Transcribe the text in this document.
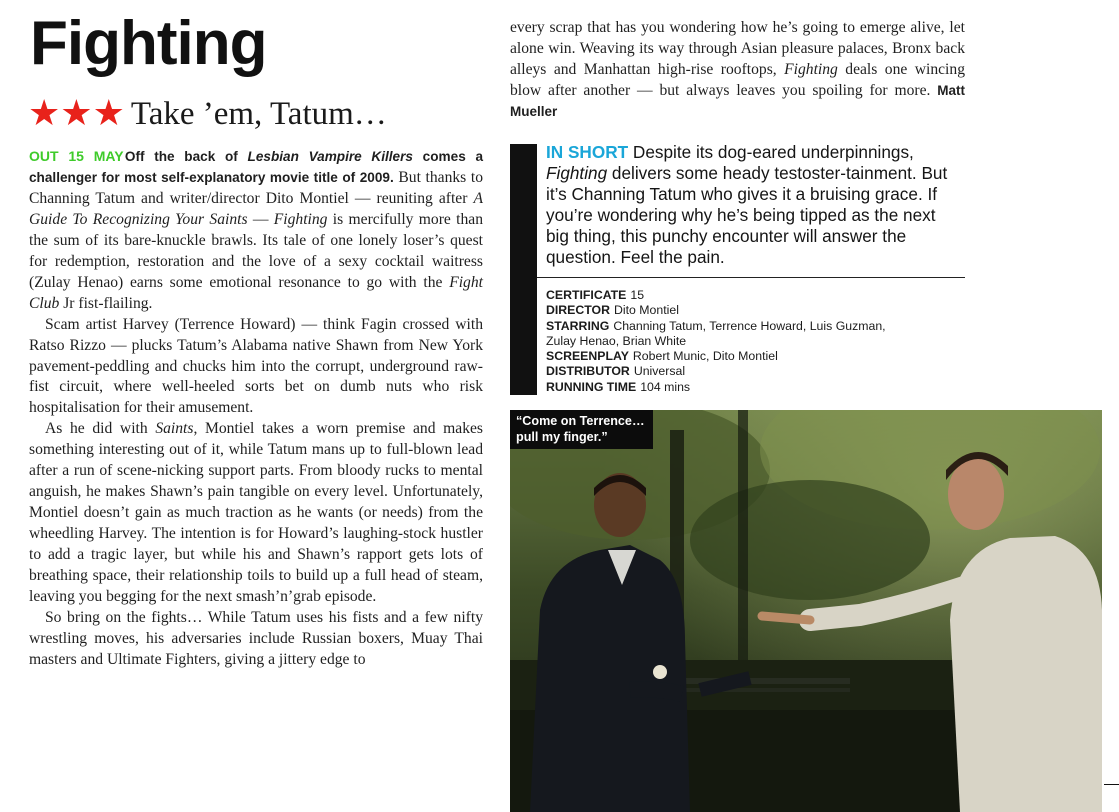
Fighting
★ ★ ★ Take ’em, Tatum…

OUT 15 MAY Off the back of Lesbian Vampire Killers comes a challenger for most self-explanatory movie title of 2009. But thanks to Channing Tatum and writer/director Dito Montiel — reuniting after A Guide To Recognizing Your Saints — Fighting is mercifully more than the sum of its bare-knuckle brawls. Its tale of one lonely loser’s quest for redemption, restoration and the love of a sexy cocktail waitress (Zulay Henao) earns some emotional resonance to go with the Fight Club Jr fist-flailing.

Scam artist Harvey (Terrence Howard) — think Fagin crossed with Ratso Rizzo — plucks Tatum’s Alabama native Shawn from New York pavement-peddling and chucks him into the corrupt, underground raw-fist circuit, where well-heeled sorts bet on dumb nuts who risk hospitalisation for their amusement.

As he did with Saints, Montiel takes a worn premise and makes something interesting out of it, while Tatum mans up to full-blown lead after a run of scene-nicking support parts. From bloody rucks to mental anguish, he makes Shawn’s pain tangible on every level. Unfortunately, Montiel doesn’t gain as much traction as he wants (or needs) from the wheedling Harvey. The intention is for Howard’s laughing-stock hustler to add a tragic layer, but while his and Shawn’s rapport gets lots of breathing space, their relationship toils to build up a full head of steam, leaving you begging for the next smash’n’grab episode.

So bring on the fights… While Tatum uses his fists and a few nifty wrestling moves, his adversaries include Russian boxers, Muay Thai masters and Ultimate Fighters, giving a jittery edge to

every scrap that has you wondering how he’s going to emerge alive, let alone win. Weaving its way through Asian pleasure palaces, Bronx back alleys and Manhattan high-rise rooftops, Fighting deals one wincing blow after another — but always leaves you spoiling for more. Matt Mueller

IN SHORT Despite its dog-eared underpinnings, Fighting delivers some heady testoster-tainment. But it’s Channing Tatum who gives it a bruising grace. If you’re wondering why he’s being tipped as the next big thing, this punchy encounter will answer the question. Feel the pain.

CERTIFICATE 15
DIRECTOR Dito Montiel
STARRING Channing Tatum, Terrence Howard, Luis Guzman,
Zulay Henao, Brian White
SCREENPLAY Robert Munic, Dito Montiel
DISTRIBUTOR Universal
RUNNING TIME 104 mins
“Come on Terrence…
pull my finger.”
